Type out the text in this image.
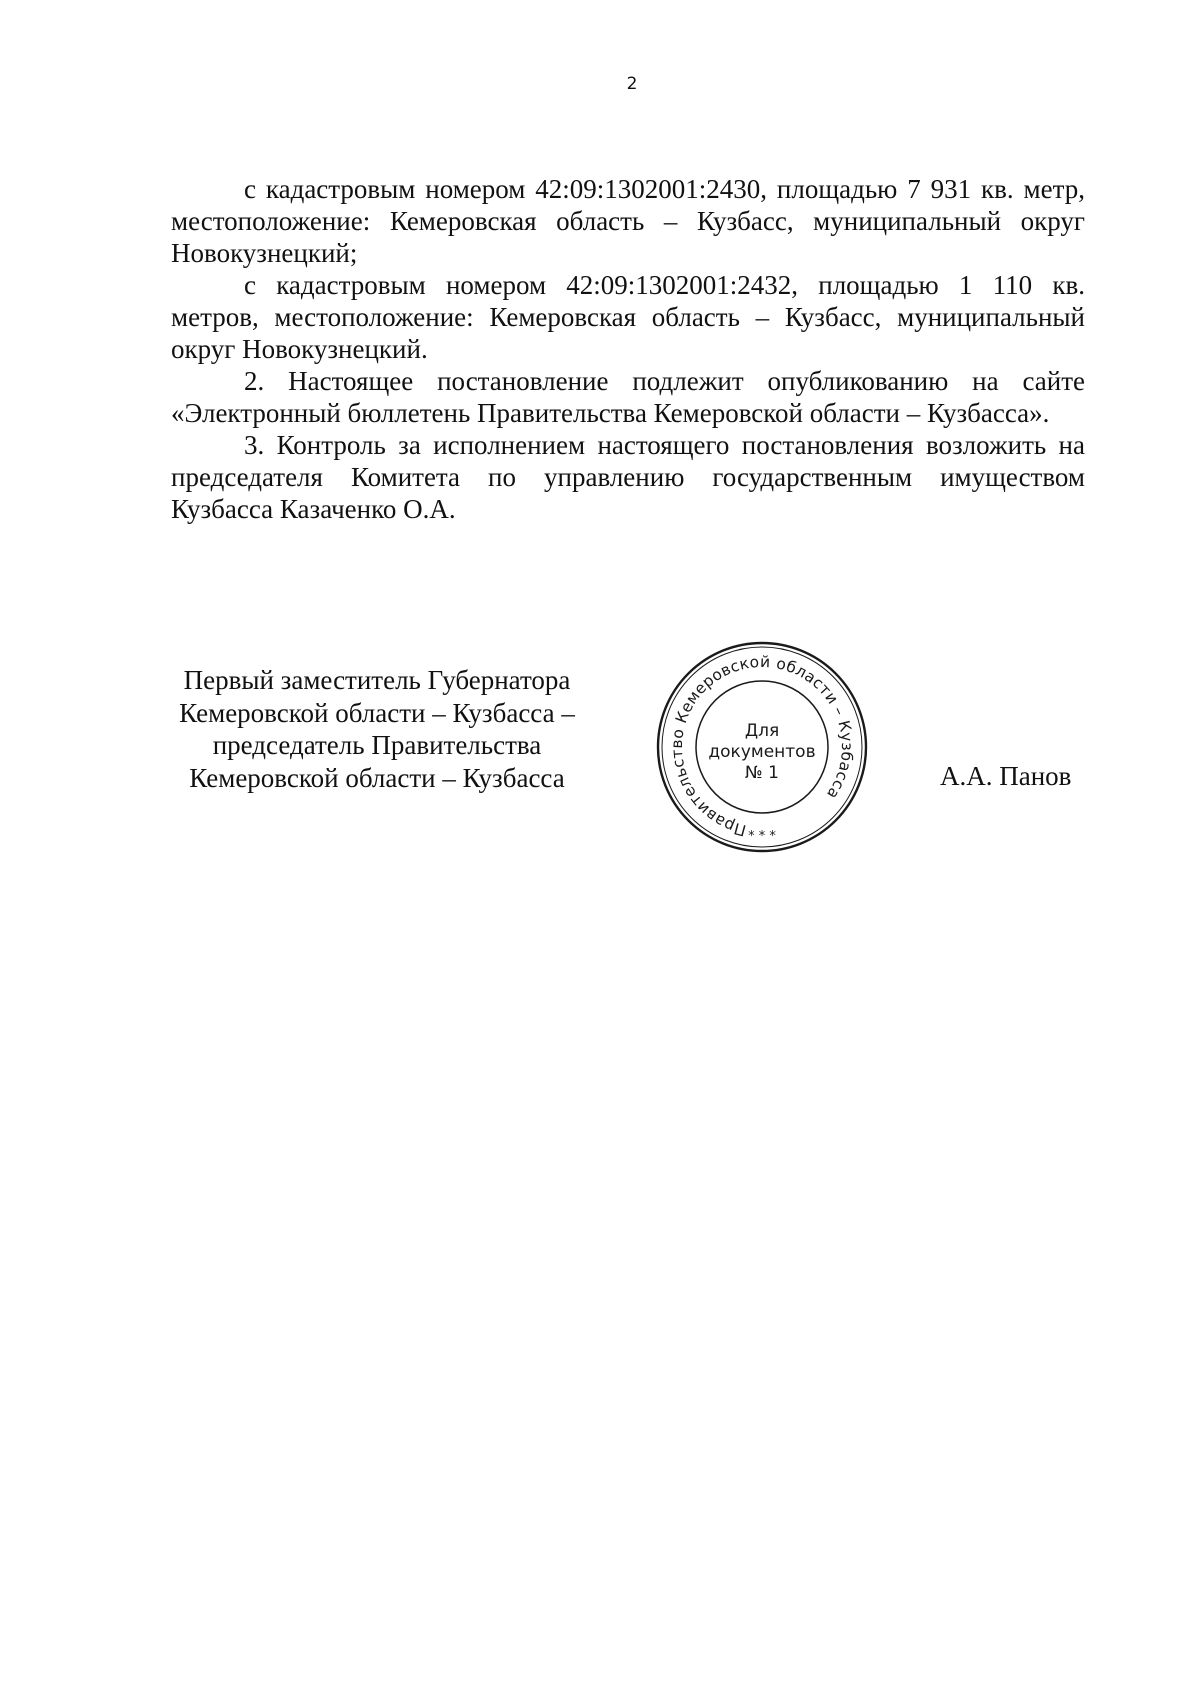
2

с кадастровым номером 42:09:1302001:2430, площадью 7 931 кв. метр, местоположение: Кемеровская область – Кузбасс, муниципальный округ Новокузнецкий;

с кадастровым номером 42:09:1302001:2432, площадью 1 110 кв. метров, местоположение: Кемеровская область – Кузбасс, муниципальный округ Новокузнецкий.

2. Настоящее постановление подлежит опубликованию на сайте «Электронный бюллетень Правительства Кемеровской области – Кузбасса».

3. Контроль за исполнением настоящего постановления возложить на председателя Комитета по управлению государственным имуществом Кузбасса Казаченко О.А.

Первый заместитель Губернатора
Кемеровской области – Кузбасса –
председатель Правительства
Кемеровской области – Кузбасса
Правительство Кемеровской области – Кузбасса
* * *
Для
документов
№ 1	А.А. Панов
